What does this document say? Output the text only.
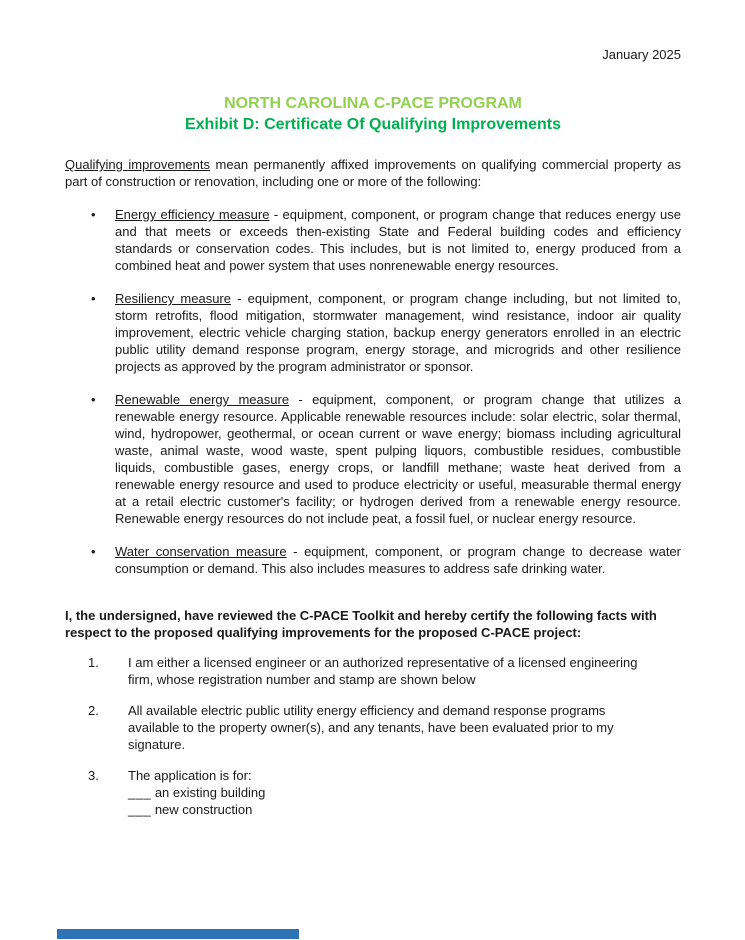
January 2025
NORTH CAROLINA C-PACE PROGRAM
Exhibit D: Certificate Of Qualifying Improvements

Qualifying improvements mean permanently affixed improvements on qualifying commercial property as part of construction or renovation, including one or more of the following:

• Energy efficiency measure - equipment, component, or program change that reduces energy use and that meets or exceeds then-existing State and Federal building codes and efficiency standards or conservation codes. This includes, but is not limited to, energy produced from a combined heat and power system that uses nonrenewable energy resources.
• Resiliency measure - equipment, component, or program change including, but not limited to, storm retrofits, flood mitigation, stormwater management, wind resistance, indoor air quality improvement, electric vehicle charging station, backup energy generators enrolled in an electric public utility demand response program, energy storage, and microgrids and other resilience projects as approved by the program administrator or sponsor.
• Renewable energy measure - equipment, component, or program change that utilizes a renewable energy resource. Applicable renewable resources include: solar electric, solar thermal, wind, hydropower, geothermal, or ocean current or wave energy; biomass including agricultural waste, animal waste, wood waste, spent pulping liquors, combustible residues, combustible liquids, combustible gases, energy crops, or landfill methane; waste heat derived from a renewable energy resource and used to produce electricity or useful, measurable thermal energy at a retail electric customer's facility; or hydrogen derived from a renewable energy resource. Renewable energy resources do not include peat, a fossil fuel, or nuclear energy resource.
• Water conservation measure - equipment, component, or program change to decrease water consumption or demand. This also includes measures to address safe drinking water.

I, the undersigned, have reviewed the C-PACE Toolkit and hereby certify the following facts with respect to the proposed qualifying improvements for the proposed C-PACE project:

1.	I am either a licensed engineer or an authorized representative of a licensed engineering firm, whose registration number and stamp are shown below
2.	All available electric public utility energy efficiency and demand response programs available to the property owner(s), and any tenants, have been evaluated prior to my signature.
3.	The application is for:
___ an existing building
___ new construction
